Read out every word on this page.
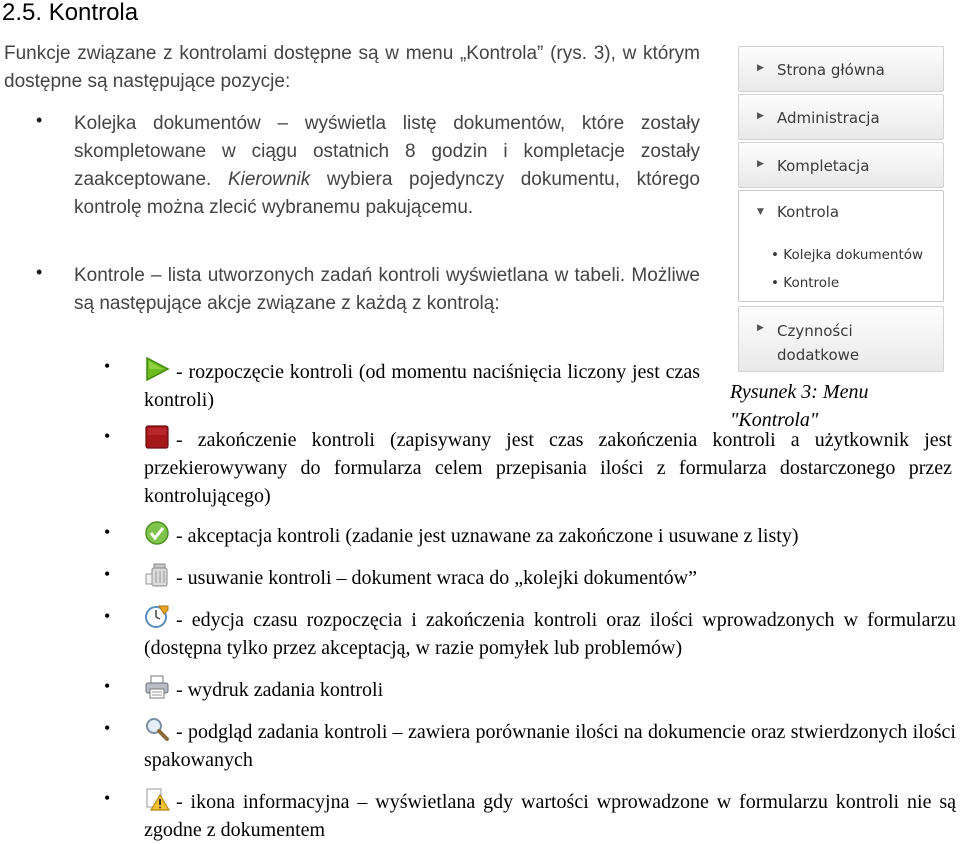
2.5. Kontrola
Funkcje związane z kontrolami dostępne są w menu „Kontrola” (rys. 3), w którym dostępne są następujące pozycje:
• Kolejka dokumentów – wyświetla listę dokumentów, które zostały skompletowane w ciągu ostatnich 8 godzin i kompletacje zostały zaakceptowane. Kierownik wybiera pojedynczy dokumentu, którego kontrolę można zlecić wybranemu pakującemu.
• Kontrole – lista utworzonych zadań kontroli wyświetlana w tabeli. Możliwe są następujące akcje związane z każdą z kontrolą:
•	- rozpoczęcie kontroli (od momentu naciśnięcia liczony jest czas kontroli)
•	- zakończenie kontroli (zapisywany jest czas zakończenia kontroli a użytkownik jest przekierowywany do formularza celem przepisania ilości z formularza dostarczonego przez kontrolującego)
•	- akceptacja kontroli (zadanie jest uznawane za zakończone i usuwane z listy)
•	- usuwanie kontroli – dokument wraca do „kolejki dokumentów”
•	- edycja czasu rozpoczęcia i zakończenia kontroli oraz ilości wprowadzonych w formularzu (dostępna tylko przez akceptacją, w razie pomyłek lub problemów)
•	- wydruk zadania kontroli
•	- podgląd zadania kontroli – zawiera porównanie ilości na dokumencie oraz stwierdzonych ilości spakowanych
•	- ikona informacyjna – wyświetlana gdy wartości wprowadzone w formularzu kontroli nie są zgodne z dokumentem
▶ Strona główna
▶ Administracja
▶ Kompletacja
▼ Kontrola
• Kolejka dokumentów
• Kontrole
▶ Czynności dodatkowe
Rysunek 3: Menu "Kontrola"
